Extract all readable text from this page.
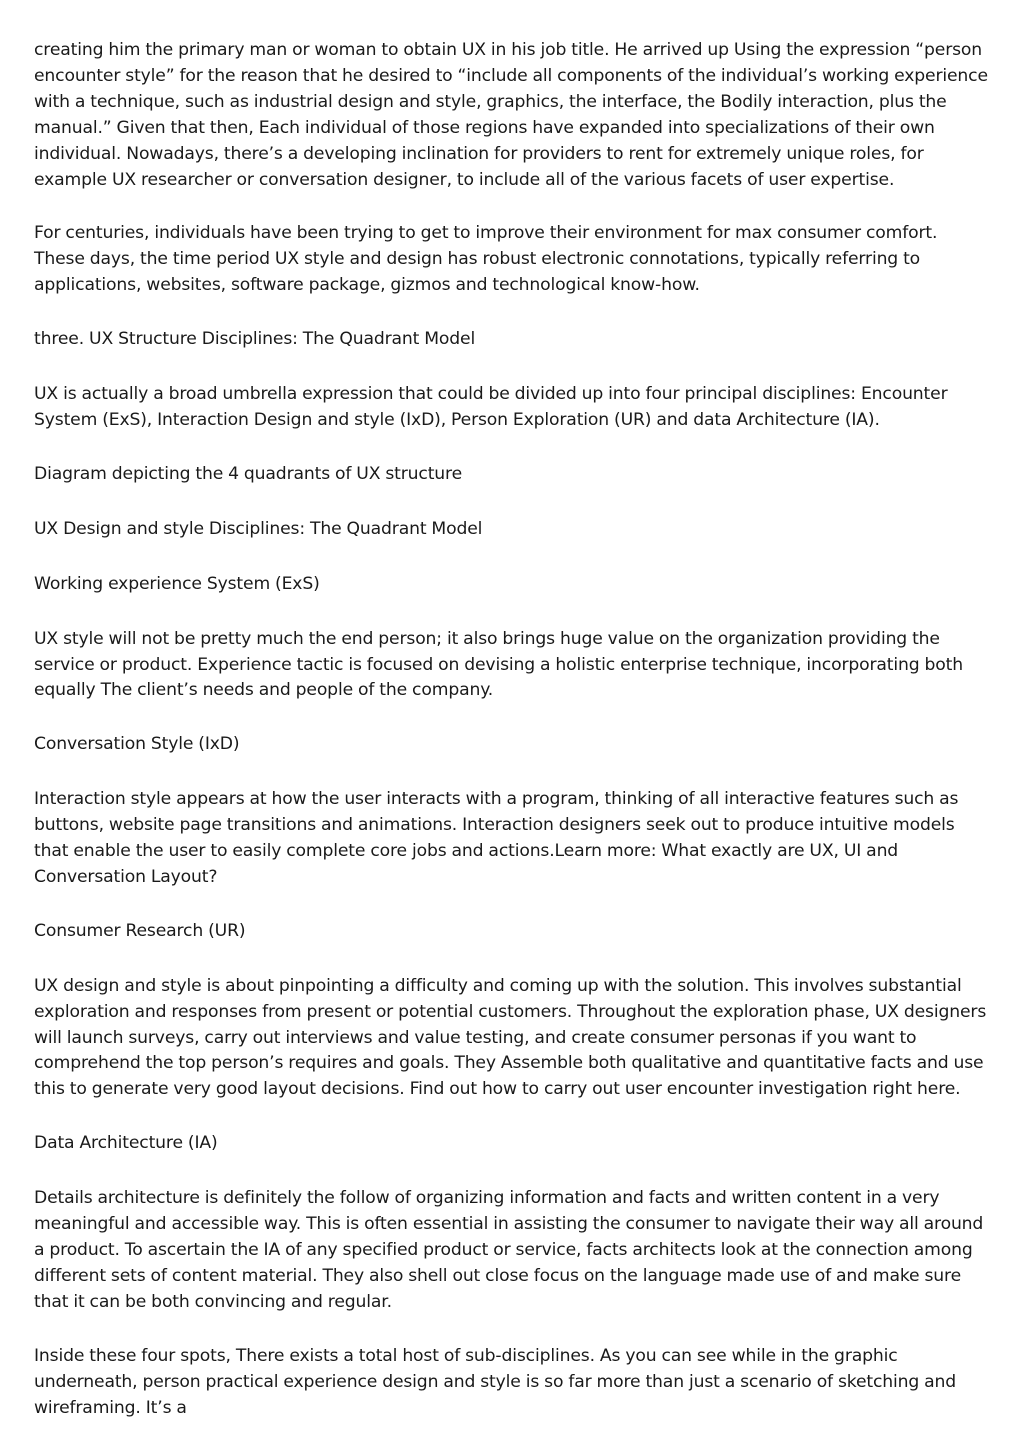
creating him the primary man or woman to obtain UX in his job title. He arrived up Using the expression “person encounter style” for the reason that he desired to “include all components of the individual’s working experience with a technique, such as industrial design and style, graphics, the interface, the Bodily interaction, plus the manual.” Given that then, Each individual of those regions have expanded into specializations of their own individual. Nowadays, there’s a developing inclination for providers to rent for extremely unique roles, for example UX researcher or conversation designer, to include all of the various facets of user expertise.

For centuries, individuals have been trying to get to improve their environment for max consumer comfort. These days, the time period UX style and design has robust electronic connotations, typically referring to applications, websites, software package, gizmos and technological know-how.

three. UX Structure Disciplines: The Quadrant Model

UX is actually a broad umbrella expression that could be divided up into four principal disciplines: Encounter System (ExS), Interaction Design and style (IxD), Person Exploration (UR) and data Architecture (IA).

Diagram depicting the 4 quadrants of UX structure

UX Design and style Disciplines: The Quadrant Model

Working experience System (ExS)

UX style will not be pretty much the end person; it also brings huge value on the organization providing the service or product. Experience tactic is focused on devising a holistic enterprise technique, incorporating both equally The client’s needs and people of the company.

Conversation Style (IxD)

Interaction style appears at how the user interacts with a program, thinking of all interactive features such as buttons, website page transitions and animations. Interaction designers seek out to produce intuitive models that enable the user to easily complete core jobs and actions.Learn more: What exactly are UX, UI and Conversation Layout?

Consumer Research (UR)

UX design and style is about pinpointing a difficulty and coming up with the solution. This involves substantial exploration and responses from present or potential customers. Throughout the exploration phase, UX designers will launch surveys, carry out interviews and value testing, and create consumer personas if you want to comprehend the top person’s requires and goals. They Assemble both qualitative and quantitative facts and use this to generate very good layout decisions. Find out how to carry out user encounter investigation right here.

Data Architecture (IA)

Details architecture is definitely the follow of organizing information and facts and written content in a very meaningful and accessible way. This is often essential in assisting the consumer to navigate their way all around a product. To ascertain the IA of any specified product or service, facts architects look at the connection among different sets of content material. They also shell out close focus on the language made use of and make sure that it can be both convincing and regular.

Inside these four spots, There exists a total host of sub-disciplines. As you can see while in the graphic underneath, person practical experience design and style is so far more than just a scenario of sketching and wireframing. It’s a
